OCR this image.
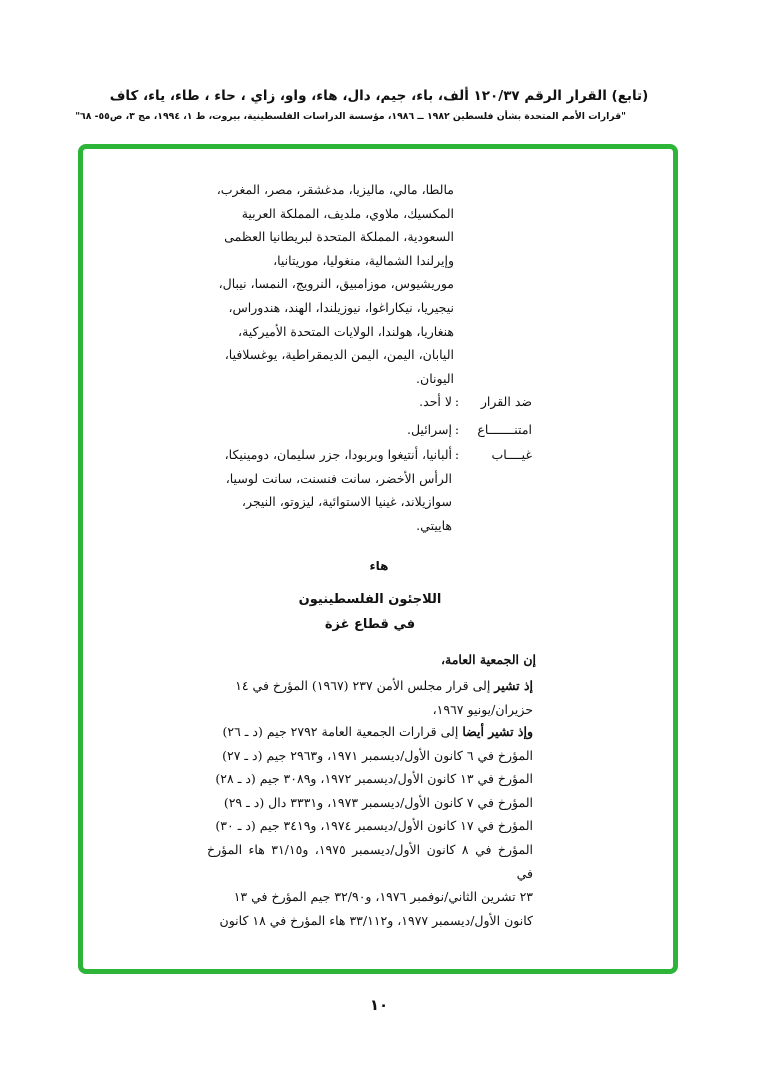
(تابع) القرار الرقم ١٢٠/٣٧ ألف، باء، جيم، دال، هاء، واو، زاي ، حاء ، طاء، ياء، كاف
"قرارات الأمم المتحدة بشأن فلسطين ١٩٨٢ ــ ١٩٨٦، مؤسسة الدراسات الفلسطينية، بيروت، ط ١، ١٩٩٤، مج ٣، ص٥٥- ٦٨"
مالطا، مالي، ماليزيا، مدغشقر، مصر، المغرب،
المكسيك، ملاوي، ملديف، المملكة العربية
السعودية، المملكة المتحدة لبريطانيا العظمى
وإيرلندا الشمالية، منغوليا، موريتانيا،
موريشيوس، موزامبيق، النرويج، النمسا، نيبال،
نيجيريا، نيكاراغوا، نيوزيلندا، الهند، هندوراس،
هنغاريا، هولندا، الولايات المتحدة الأميركية،
اليابان، اليمن، اليمن الديمقراطية، يوغسلافيا،
اليونان.
ضد القرار
:
لا أحد.
امتنـــــــاع
:
إسرائيل.
غيــــاب
:
ألبانيا، أنتيغوا وبربودا، جزر سليمان، دومينيكا،
الرأس الأخضر، سانت فنسنت، سانت لوسيا،
سوازيلاند، غينيا الاستوائية، ليزوتو، النيجر،
هاييتي.
هاء
اللاجئون الفلسطينيون
في قطاع غزة
إن الجمعية العامة،
إذ تشير إلى قرار مجلس الأمن ٢٣٧ (١٩٦٧) المؤرخ في ١٤
حزيران/يونيو ١٩٦٧،
وإذ تشير أيضا إلى قرارات الجمعية العامة ٢٧٩٢ جيم (د ـ ٢٦)
المؤرخ في ٦ كانون الأول/ديسمبر ١٩٧١، و٢٩٦٣ جيم (د ـ ٢٧)
المؤرخ في ١٣ كانون الأول/ديسمبر ١٩٧٢، و٣٠٨٩ جيم (د ـ ٢٨)
المؤرخ في ٧ كانون الأول/ديسمبر ١٩٧٣، و٣٣٣١ دال (د ـ ٢٩)
المؤرخ في ١٧ كانون الأول/ديسمبر ١٩٧٤، و٣٤١٩ جيم (د ـ ٣٠)
المؤرخ في ٨ كانون الأول/ديسمبر ١٩٧٥، و٣١/١٥ هاء المؤرخ في
٢٣ تشرين الثاني/نوفمبر ١٩٧٦، و٣٢/٩٠ جيم المؤرخ في ١٣
كانون الأول/ديسمبر ١٩٧٧، و٣٣/١١٢ هاء المؤرخ في ١٨ كانون
١٠
